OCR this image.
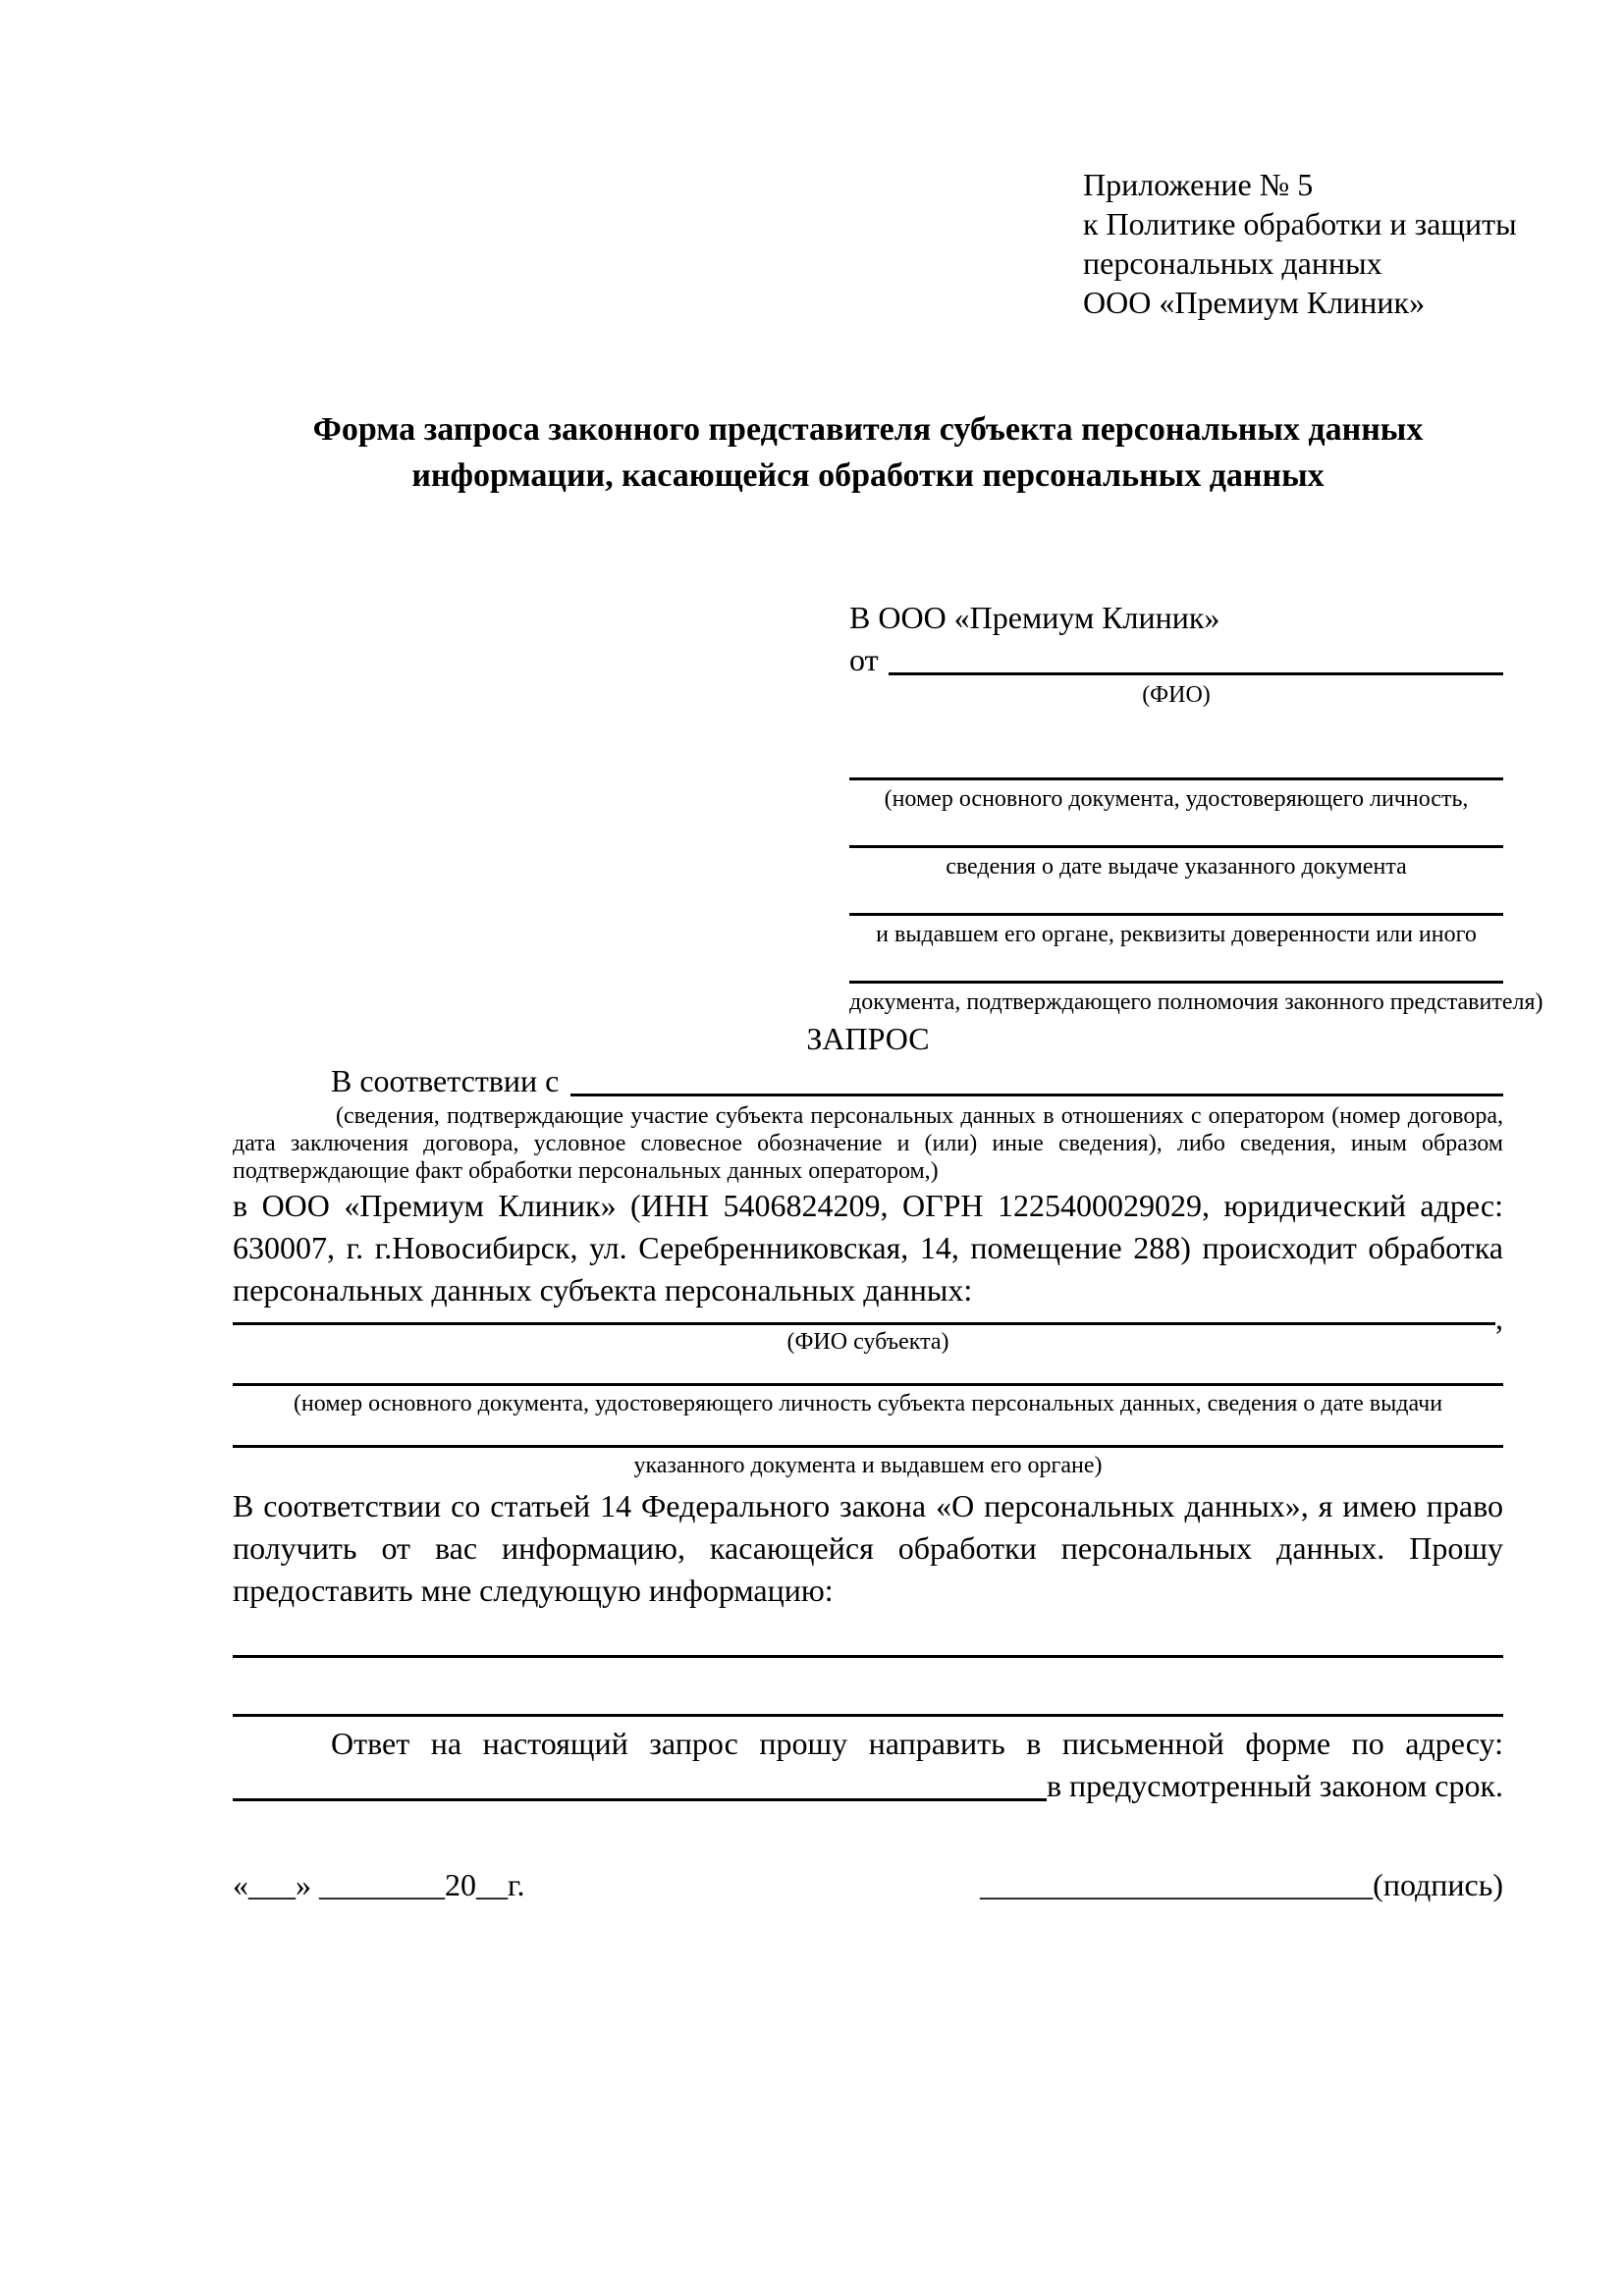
Приложение № 5
к Политике обработки и защиты
персональных данных
ООО «Премиум Клиник»
Форма запроса законного представителя субъекта персональных данных
информации, касающейся обработки персональных данных
В ООО «Премиум Клиник»
от
(ФИО)
(номер основного документа, удостоверяющего личность,
сведения о дате выдаче указанного документа
и выдавшем его органе, реквизиты доверенности или иного
документа, подтверждающего полномочия законного представителя)
ЗАПРОС
В соответствии с

(сведения, подтверждающие участие субъекта персональных данных в отношениях с оператором (номер договора, дата заключения договора, условное словесное обозначение и (или) иные сведения), либо сведения, иным образом подтверждающие факт обработки персональных данных оператором,)

в ООО «Премиум Клиник» (ИНН 5406824209, ОГРН 1225400029029, юридический адрес: 630007, г. г.Новосибирск, ул. Серебренниковская, 14, помещение 288) происходит обработка персональных данных субъекта персональных данных:

,
(ФИО субъекта)
(номер основного документа, удостоверяющего личность субъекта персональных данных, сведения о дате выдачи
указанного документа и выдавшем его органе)

В соответствии со статьей 14 Федерального закона «О персональных данных», я имею право получить от вас информацию, касающейся обработки персональных данных. Прошу предоставить мне следующую информацию:

Ответ на настоящий запрос прошу направить в письменной форме по адресу:

в предусмотренный законом срок.
«___» ________20__г.	_________________________(подпись)
